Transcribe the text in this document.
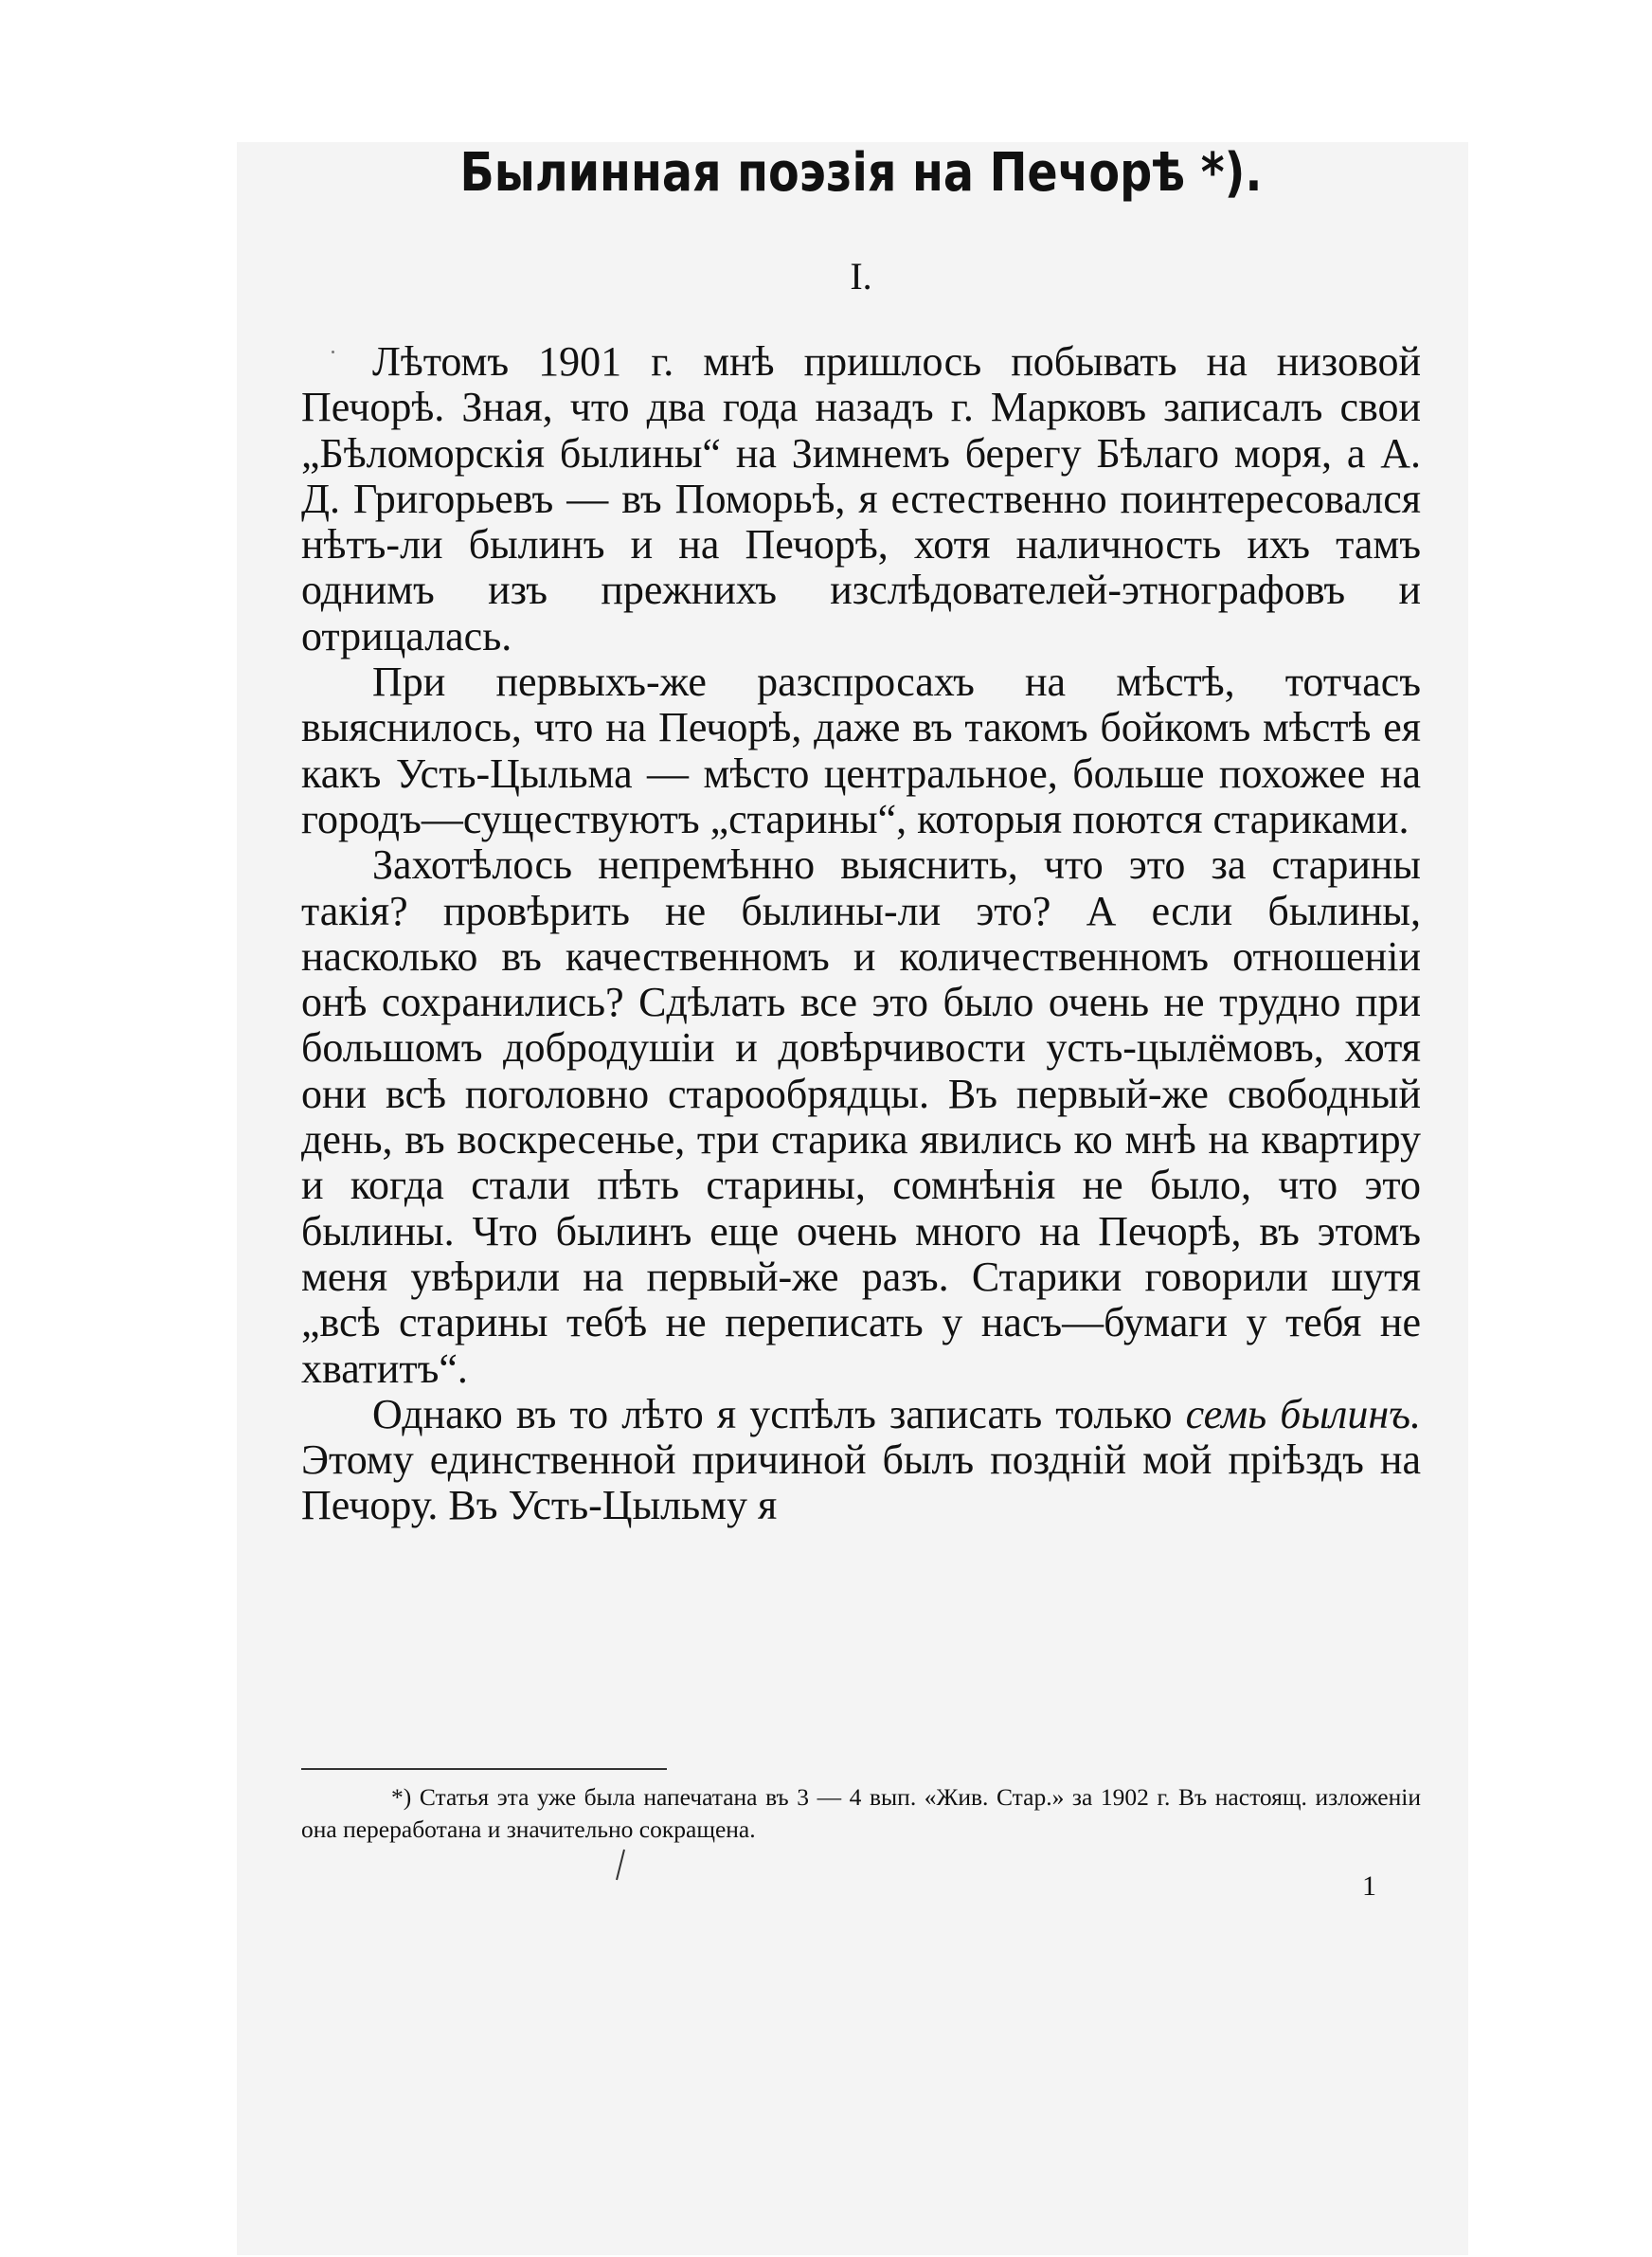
Былинная поэзія на Печорѣ *).
I.

Лѣтомъ 1901 г. мнѣ пришлось побывать на низовой Печорѣ. Зная, что два года назадъ г. Марковъ записалъ свои „Бѣломорскія былины“ на Зимнемъ берегу Бѣлаго моря, а А. Д. Григорьевъ — въ Поморьѣ, я естественно поинтересовался нѣтъ-ли былинъ и на Печорѣ, хотя наличность ихъ тамъ однимъ изъ прежнихъ изслѣдователей-этнографовъ и отрицалась.

При первыхъ-же разспросахъ на мѣстѣ, тотчасъ выяснилось, что на Печорѣ, даже въ такомъ бойкомъ мѣстѣ ея какъ Усть-Цыльма — мѣсто центральное, больше похожее на городъ—существуютъ „старины“, которыя поются стариками.

Захотѣлось непремѣнно выяснить, что это за старины такія? провѣрить не былины-ли это? А если былины, насколько въ качественномъ и количественномъ отношеніи онѣ сохранились? Сдѣлать все это было очень не трудно при большомъ добродушіи и довѣрчивости усть-цылёмовъ, хотя они всѣ поголовно старообрядцы. Въ первый-же свободный день, въ воскресенье, три старика явились ко мнѣ на квартиру и когда стали пѣть старины, сомнѣнія не было, что это былины. Что былинъ еще очень много на Печорѣ, въ этомъ меня увѣрили на первый-же разъ. Старики говорили шутя „всѣ старины тебѣ не переписать у насъ—бумаги у тебя не хватитъ“.

Однако въ то лѣто я успѣлъ записать только семь былинъ. Этому единственной причиной былъ поздній мой пріѣздъ на Печору. Въ Усть-Цыльму я

*) Статья эта уже была напечатана въ 3 — 4 вып. «Жив. Стар.» за 1902 г. Въ настоящ. изложеніи она переработана и значительно сокращена.

1
